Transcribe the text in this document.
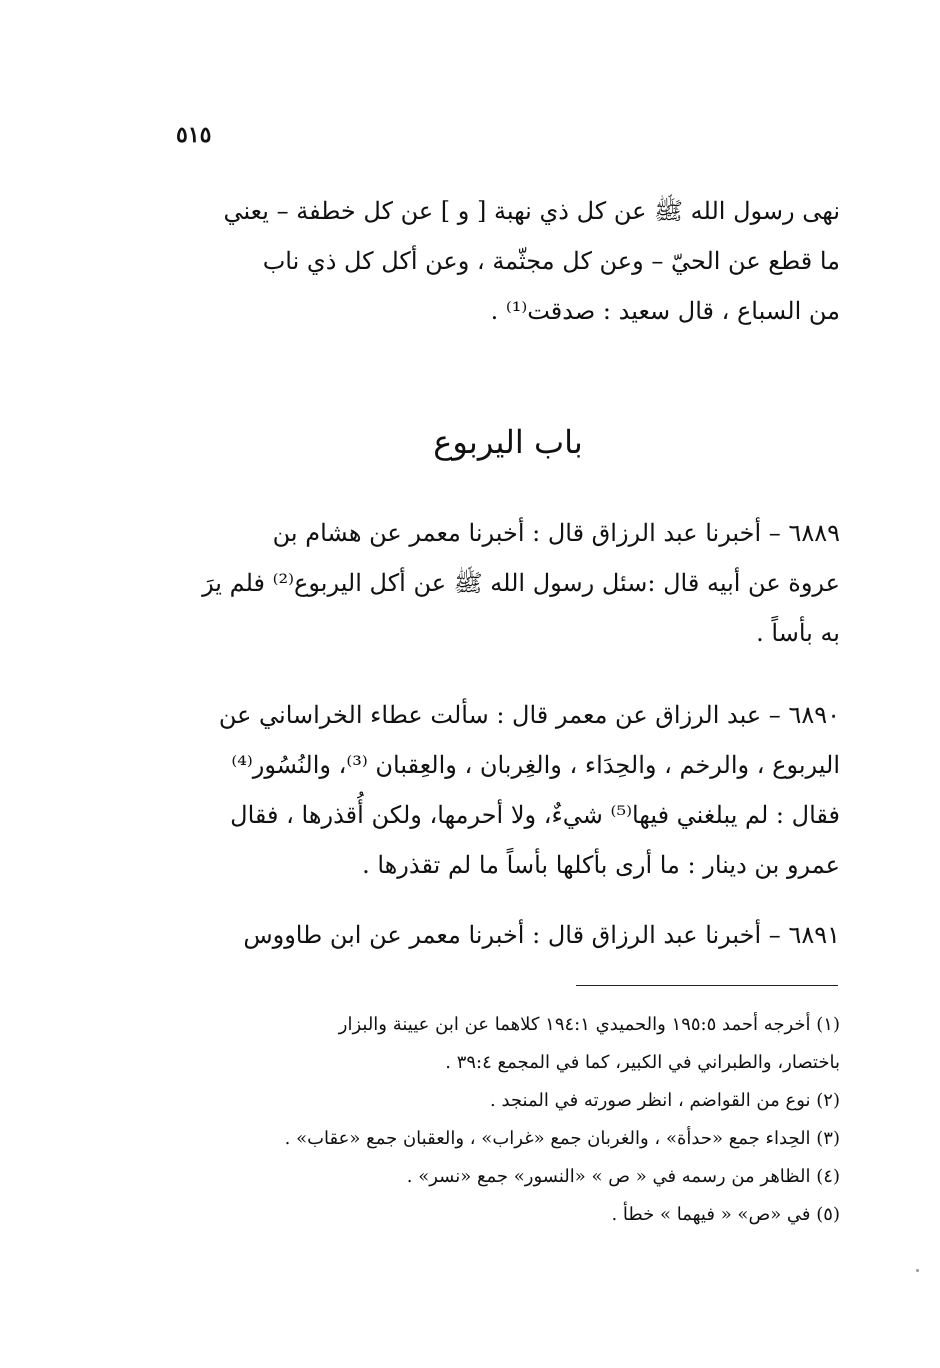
٥١٥
نهى رسول الله ﷺ عن كل ذي نهبة [ و ] عن كل خطفة – يعني
ما قطع عن الحيّ – وعن كل مجثّمة ، وعن أكل كل ذي ناب
من السباع ، قال سعيد : صدقت⁽¹⁾ .
باب اليربوع
٦٨٨٩ – أخبرنا عبد الرزاق قال : أخبرنا معمر عن هشام بن
عروة عن أبيه قال :سئل رسول الله ﷺ عن أكل اليربوع⁽²⁾ فلم يرَ
به بأساً .
٦٨٩٠ – عبد الرزاق عن معمر قال : سألت عطاء الخراساني عن
اليربوع ، والرخم ، والحِدَاء ، والغِربان ، والعِقبان ⁽³⁾، والنُسُور⁽⁴⁾
فقال : لم يبلغني فيها⁽⁵⁾ شيءٌ، ولا أحرمها، ولكن أُقذرها ، فقال
عمرو بن دينار : ما أرى بأكلها بأساً ما لم تقذرها .
٦٨٩١ – أخبرنا عبد الرزاق قال : أخبرنا معمر عن ابن طاووس
(١) أخرجه أحمد ١٩٥:٥ والحميدي ١٩٤:١ كلاهما عن ابن عيينة والبزار
باختصار، والطبراني في الكبير، كما في المجمع ٣٩:٤ .
(٢) نوع من القواضم ، انظر صورته في المنجد .
(٣) الحِداء جمع «حدأة» ، والغربان جمع «غراب» ، والعقبان جمع «عقاب» .
(٤) الظاهر من رسمه في « ص » «النسور» جمع «نسر» .
(٥) في «ص» « فيهما » خطأ .
